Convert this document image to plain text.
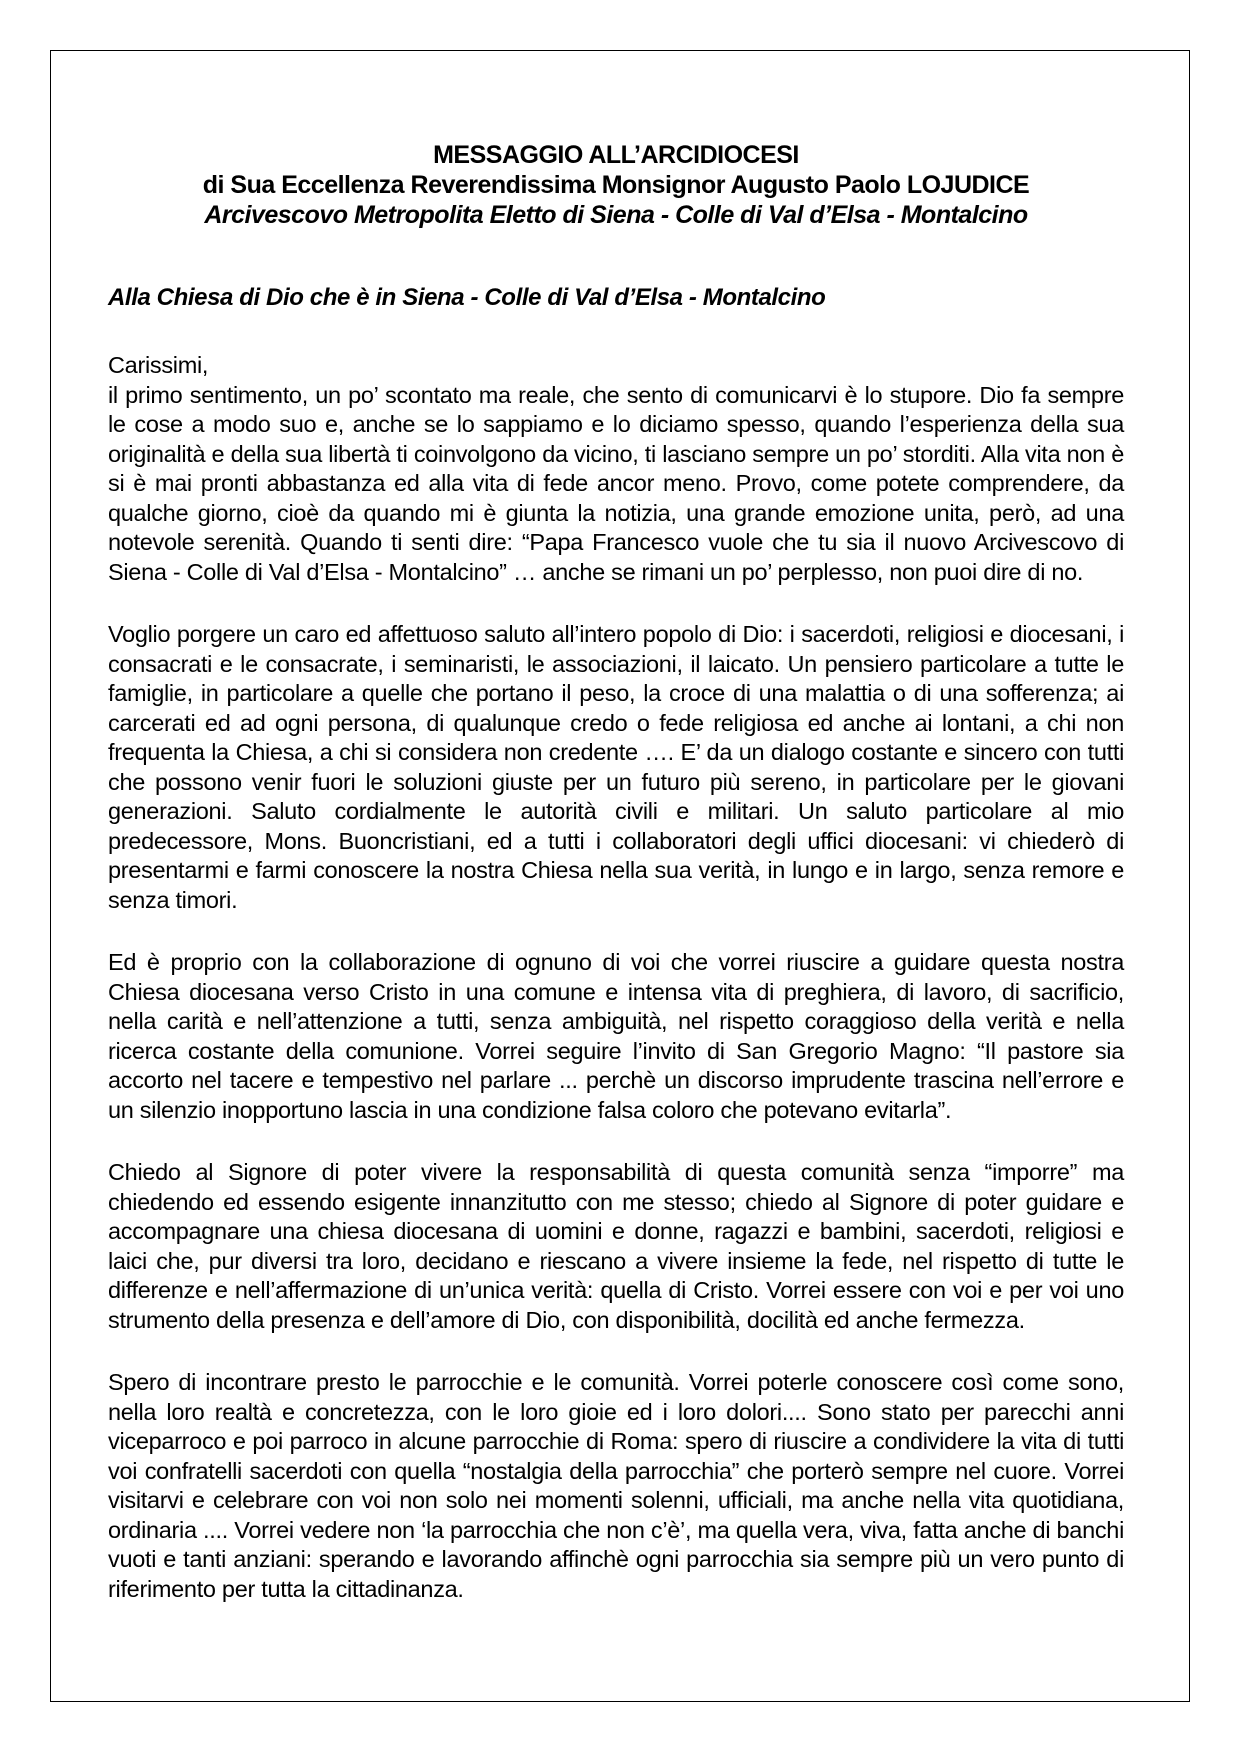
MESSAGGIO ALL’ARCIDIOCESI
di Sua Eccellenza Reverendissima Monsignor Augusto Paolo LOJUDICE
Arcivescovo Metropolita Eletto di Siena - Colle di Val d’Elsa - Montalcino
Alla Chiesa di Dio che è in Siena - Colle di Val d’Elsa - Montalcino
Carissimi,

il primo sentimento, un po’ scontato ma reale, che sento di comunicarvi è lo stupore. Dio fa sempre le cose a modo suo e, anche se lo sappiamo e lo diciamo spesso, quando l’esperienza della sua originalità e della sua libertà ti coinvolgono da vicino, ti lasciano sempre un po’ storditi. Alla vita non è si è mai pronti abbastanza ed alla vita di fede ancor meno. Provo, come potete comprendere, da qualche giorno, cioè da quando mi è giunta la notizia, una grande emozione unita, però, ad una notevole serenità. Quando ti senti dire: “Papa Francesco vuole che tu sia il nuovo Arcivescovo di Siena - Colle di Val d’Elsa - Montalcino” … anche se rimani un po’ perplesso, non puoi dire di no.

Voglio porgere un caro ed affettuoso saluto all’intero popolo di Dio: i sacerdoti, religiosi e diocesani, i consacrati e le consacrate, i seminaristi, le associazioni, il laicato. Un pensiero particolare a tutte le famiglie, in particolare a quelle che portano il peso, la croce di una malattia o di una sofferenza; ai carcerati ed ad ogni persona, di qualunque credo o fede religiosa ed anche ai lontani, a chi non frequenta la Chiesa, a chi si considera non credente …. E’ da un dialogo costante e sincero con tutti che possono venir fuori le soluzioni giuste per un futuro più sereno, in particolare per le giovani generazioni. Saluto cordialmente le autorità civili e militari. Un saluto particolare al mio predecessore, Mons. Buoncristiani, ed a tutti i collaboratori degli uffici diocesani: vi chiederò di presentarmi e farmi conoscere la nostra Chiesa nella sua verità, in lungo e in largo, senza remore e senza timori.

Ed è proprio con la collaborazione di ognuno di voi che vorrei riuscire a guidare questa nostra Chiesa diocesana verso Cristo in una comune e intensa vita di preghiera, di lavoro, di sacrificio, nella carità e nell’attenzione a tutti, senza ambiguità, nel rispetto coraggioso della verità e nella ricerca costante della comunione. Vorrei seguire l’invito di San Gregorio Magno: “Il pastore sia accorto nel tacere e tempestivo nel parlare ... perchè un discorso imprudente trascina nell’errore e un silenzio inopportuno lascia in una condizione falsa coloro che potevano evitarla”.

Chiedo al Signore di poter vivere la responsabilità di questa comunità senza “imporre” ma chiedendo ed essendo esigente innanzitutto con me stesso; chiedo al Signore di poter guidare e accompagnare una chiesa diocesana di uomini e donne, ragazzi e bambini, sacerdoti, religiosi e laici che, pur diversi tra loro, decidano e riescano a vivere insieme la fede, nel rispetto di tutte le differenze e nell’affermazione di un’unica verità: quella di Cristo. Vorrei essere con voi e per voi uno strumento della presenza e dell’amore di Dio, con disponibilità, docilità ed anche fermezza.

Spero di incontrare presto le parrocchie e le comunità. Vorrei poterle conoscere così come sono, nella loro realtà e concretezza, con le loro gioie ed i loro dolori.... Sono stato per parecchi anni viceparroco e poi parroco in alcune parrocchie di Roma: spero di riuscire a condividere la vita di tutti voi confratelli sacerdoti con quella “nostalgia della parrocchia” che porterò sempre nel cuore. Vorrei visitarvi e celebrare con voi non solo nei momenti solenni, ufficiali, ma anche nella vita quotidiana, ordinaria .... Vorrei vedere non ‘la parrocchia che non c’è’, ma quella vera, viva, fatta anche di banchi vuoti e tanti anziani: sperando e lavorando affinchè ogni parrocchia sia sempre più un vero punto di riferimento per tutta la cittadinanza.
